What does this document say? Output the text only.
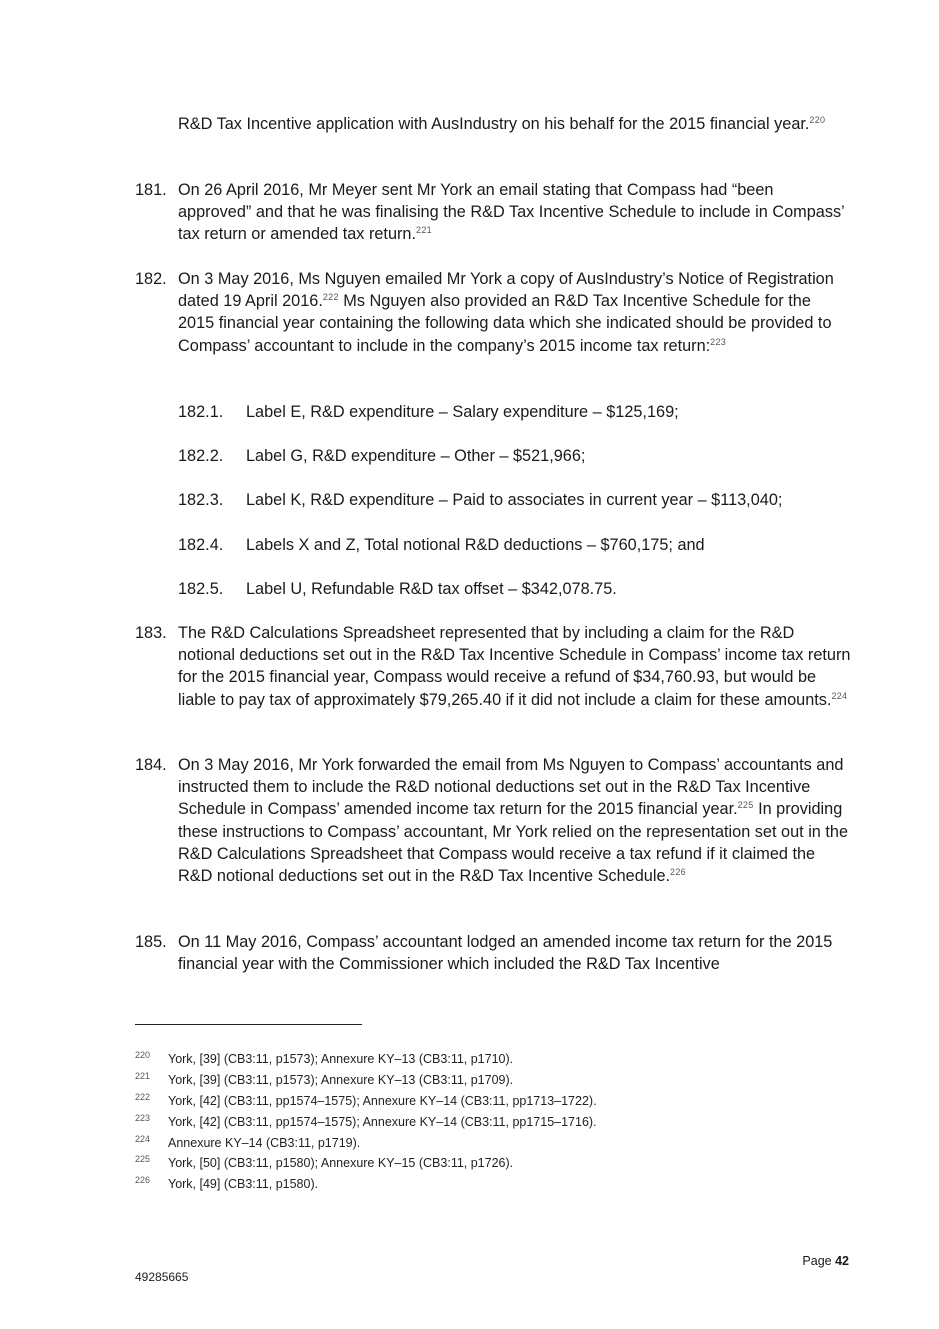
R&D Tax Incentive application with AusIndustry on his behalf for the 2015 financial year.$^{220}$
181. On 26 April 2016, Mr Meyer sent Mr York an email stating that Compass had “been approved” and that he was finalising the R&D Tax Incentive Schedule to include in Compass’ tax return or amended tax return.$^{221}$
182. On 3 May 2016, Ms Nguyen emailed Mr York a copy of AusIndustry’s Notice of Registration dated 19 April 2016.$^{222}$ Ms Nguyen also provided an R&D Tax Incentive Schedule for the 2015 financial year containing the following data which she indicated should be provided to Compass’ accountant to include in the company’s 2015 income tax return:$^{223}$
182.1. Label E, R&D expenditure – Salary expenditure – $125,169;
182.2. Label G, R&D expenditure – Other – $521,966;
182.3. Label K, R&D expenditure – Paid to associates in current year – $113,040;
182.4. Labels X and Z, Total notional R&D deductions – $760,175; and
182.5. Label U, Refundable R&D tax offset – $342,078.75.
183. The R&D Calculations Spreadsheet represented that by including a claim for the R&D notional deductions set out in the R&D Tax Incentive Schedule in Compass’ income tax return for the 2015 financial year, Compass would receive a refund of $34,760.93, but would be liable to pay tax of approximately $79,265.40 if it did not include a claim for these amounts.$^{224}$
184. On 3 May 2016, Mr York forwarded the email from Ms Nguyen to Compass’ accountants and instructed them to include the R&D notional deductions set out in the R&D Tax Incentive Schedule in Compass’ amended income tax return for the 2015 financial year.$^{225}$ In providing these instructions to Compass’ accountant, Mr York relied on the representation set out in the R&D Calculations Spreadsheet that Compass would receive a tax refund if it claimed the R&D notional deductions set out in the R&D Tax Incentive Schedule.$^{226}$
185. On 11 May 2016, Compass’ accountant lodged an amended income tax return for the 2015 financial year with the Commissioner which included the R&D Tax Incentive
220 York, [39] (CB3:11, p1573); Annexure KY–13 (CB3:11, p1710).
221 York, [39] (CB3:11, p1573); Annexure KY–13 (CB3:11, p1709).
222 York, [42] (CB3:11, pp1574–1575); Annexure KY–14 (CB3:11, pp1713–1722).
223 York, [42] (CB3:11, pp1574–1575); Annexure KY–14 (CB3:11, pp1715–1716).
224 Annexure KY–14 (CB3:11, p1719).
225 York, [50] (CB3:11, p1580); Annexure KY–15 (CB3:11, p1726).
226 York, [49] (CB3:11, p1580).
Page 42
49285665
